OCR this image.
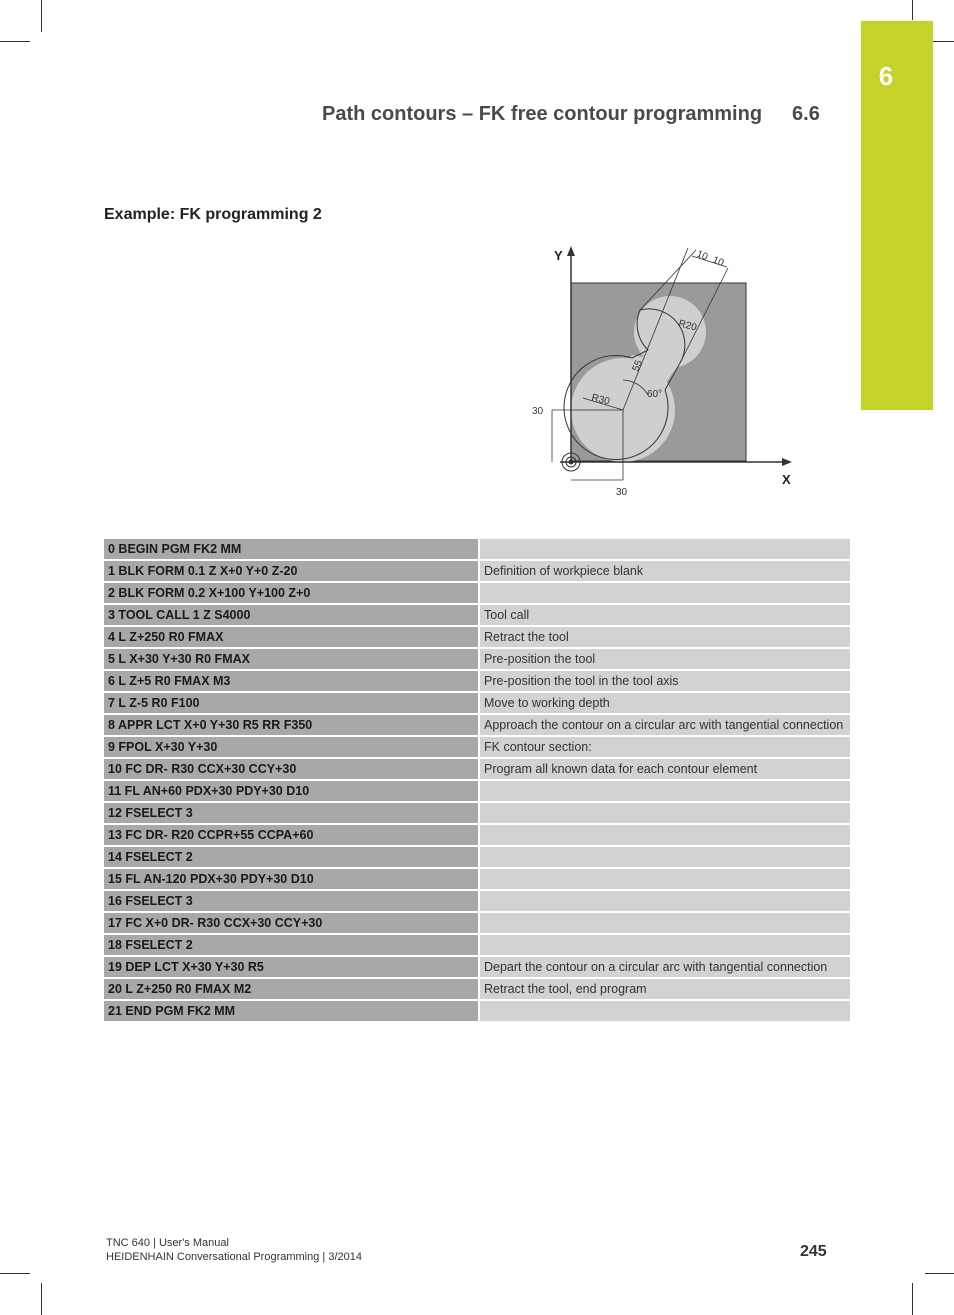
6
Path contours – FK free contour programming 6.6
Example: FK programming 2
Y
X
10 10
R20
R30
55
60°
30
30
0 BEGIN PGM FK2 MM	
1 BLK FORM 0.1 Z X+0 Y+0 Z-20	Definition of workpiece blank
2 BLK FORM 0.2 X+100 Y+100 Z+0	
3 TOOL CALL 1 Z S4000	Tool call
4 L Z+250 R0 FMAX	Retract the tool
5 L X+30 Y+30 R0 FMAX	Pre-position the tool
6 L Z+5 R0 FMAX M3	Pre-position the tool in the tool axis
7 L Z-5 R0 F100	Move to working depth
8 APPR LCT X+0 Y+30 R5 RR F350	Approach the contour on a circular arc with tangential connection
9 FPOL X+30 Y+30	FK contour section:
10 FC DR- R30 CCX+30 CCY+30	Program all known data for each contour element
11 FL AN+60 PDX+30 PDY+30 D10	
12 FSELECT 3	
13 FC DR- R20 CCPR+55 CCPA+60	
14 FSELECT 2	
15 FL AN-120 PDX+30 PDY+30 D10	
16 FSELECT 3	
17 FC X+0 DR- R30 CCX+30 CCY+30	
18 FSELECT 2	
19 DEP LCT X+30 Y+30 R5	Depart the contour on a circular arc with tangential connection
20 L Z+250 R0 FMAX M2	Retract the tool, end program
21 END PGM FK2 MM	
TNC 640 | User's Manual
HEIDENHAIN Conversational Programming | 3/2014	245
